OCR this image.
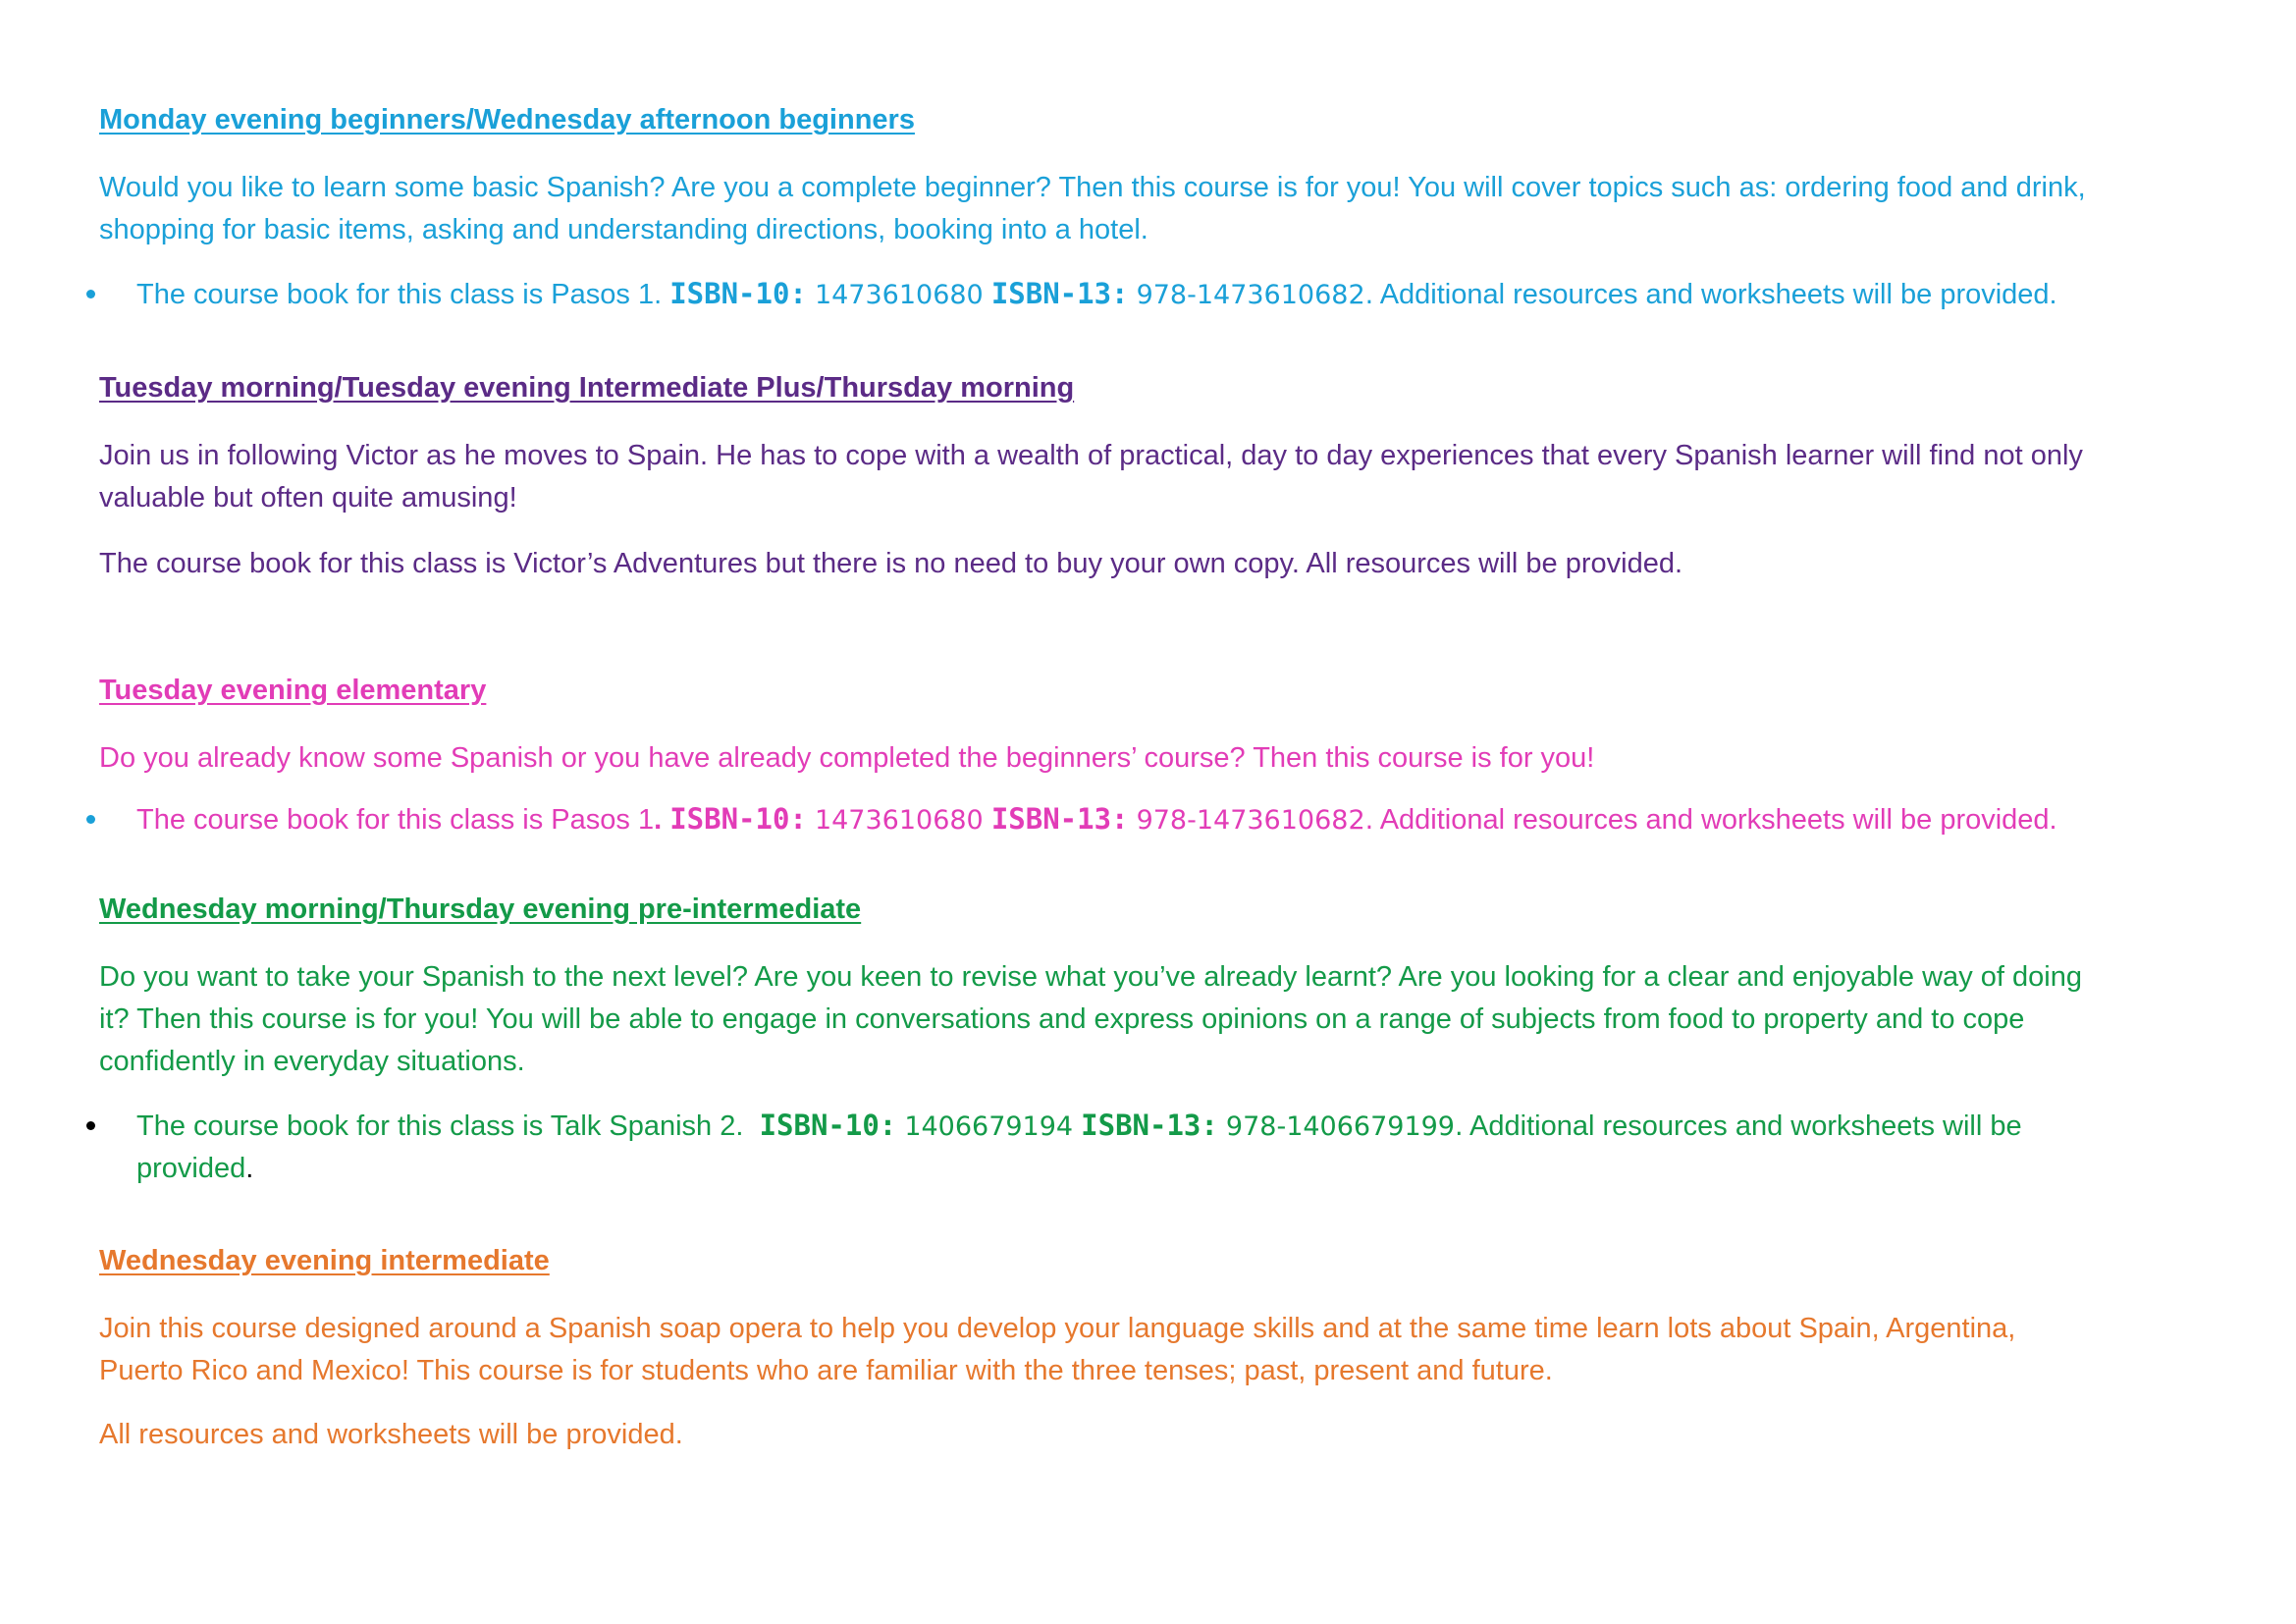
Monday evening beginners/Wednesday afternoon beginners

Would you like to learn some basic Spanish? Are you a complete beginner? Then this course is for you! You will cover topics such as: ordering food and drink,

shopping for basic items, asking and understanding directions, booking into a hotel.

The course book for this class is Pasos 1. ISBN-10: 1473610680 ISBN-13: 978-1473610682. Additional resources and worksheets will be provided.
Tuesday morning/Tuesday evening Intermediate Plus/Thursday morning

Join us in following Victor as he moves to Spain. He has to cope with a wealth of practical, day to day experiences that every Spanish learner will find not only

valuable but often quite amusing!

The course book for this class is Victor’s Adventures but there is no need to buy your own copy. All resources will be provided.

Tuesday evening elementary

Do you already know some Spanish or you have already completed the beginners’ course? Then this course is for you!

The course book for this class is Pasos 1. ISBN-10: 1473610680 ISBN-13: 978-1473610682. Additional resources and worksheets will be provided.
Wednesday morning/Thursday evening pre-intermediate

Do you want to take your Spanish to the next level? Are you keen to revise what you’ve already learnt? Are you looking for a clear and enjoyable way of doing

it? Then this course is for you! You will be able to engage in conversations and express opinions on a range of subjects from food to property and to cope

confidently in everyday situations.

The course book for this class is Talk Spanish 2. ISBN-10: 1406679194 ISBN-13: 978-1406679199. Additional resources and worksheets will be
provided.
Wednesday evening intermediate

Join this course designed around a Spanish soap opera to help you develop your language skills and at the same time learn lots about Spain, Argentina,

Puerto Rico and Mexico! This course is for students who are familiar with the three tenses; past, present and future.

All resources and worksheets will be provided.
